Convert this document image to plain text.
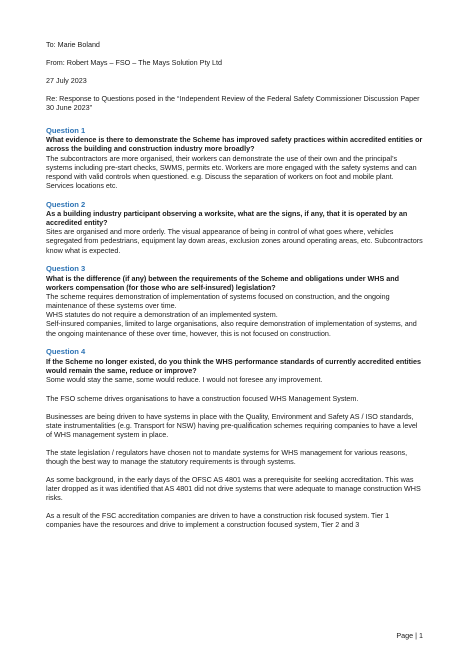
To: Marie Boland

From: Robert Mays – FSO – The Mays Solution Pty Ltd

27 July 2023

Re: Response to Questions posed in the “Independent Review of the Federal Safety Commissioner Discussion Paper 30 June 2023”

Question 1

What evidence is there to demonstrate the Scheme has improved safety practices within accredited entities or across the building and construction industry more broadly?

The subcontractors are more organised, their workers can demonstrate the use of their own and the principal’s systems including pre-start checks, SWMS, permits etc. Workers are more engaged with the safety systems and can respond with valid controls when questioned. e.g. Discuss the separation of workers on foot and mobile plant. Services locations etc.

Question 2

As a building industry participant observing a worksite, what are the signs, if any, that it is operated by an accredited entity?

Sites are organised and more orderly. The visual appearance of being in control of what goes where, vehicles segregated from pedestrians, equipment lay down areas, exclusion zones around operating areas, etc. Subcontractors know what is expected.

Question 3

What is the difference (if any) between the requirements of the Scheme and obligations under WHS and workers compensation (for those who are self-insured) legislation?

The scheme requires demonstration of implementation of systems focused on construction, and the ongoing maintenance of these systems over time.

WHS statutes do not require a demonstration of an implemented system.

Self-insured companies, limited to large organisations, also require demonstration of implementation of systems, and the ongoing maintenance of these over time, however, this is not focused on construction.

Question 4

If the Scheme no longer existed, do you think the WHS performance standards of currently accredited entities would remain the same, reduce or improve?

Some would stay the same, some would reduce. I would not foresee any improvement.

The FSO scheme drives organisations to have a construction focused WHS Management System.

Businesses are being driven to have systems in place with the Quality, Environment and Safety AS / ISO standards, state instrumentalities (e.g. Transport for NSW) having pre-qualification schemes requiring companies to have a level of WHS management system in place.

The state legislation / regulators have chosen not to mandate systems for WHS management for various reasons, though the best way to manage the statutory requirements is through systems.

As some background, in the early days of the OFSC AS 4801 was a prerequisite for seeking accreditation. This was later dropped as it was identified that AS 4801 did not drive systems that were adequate to manage construction WHS risks.

As a result of the FSC accreditation companies are driven to have a construction risk focused system. Tier 1 companies have the resources and drive to implement a construction focused system, Tier 2 and 3

Page | 1
